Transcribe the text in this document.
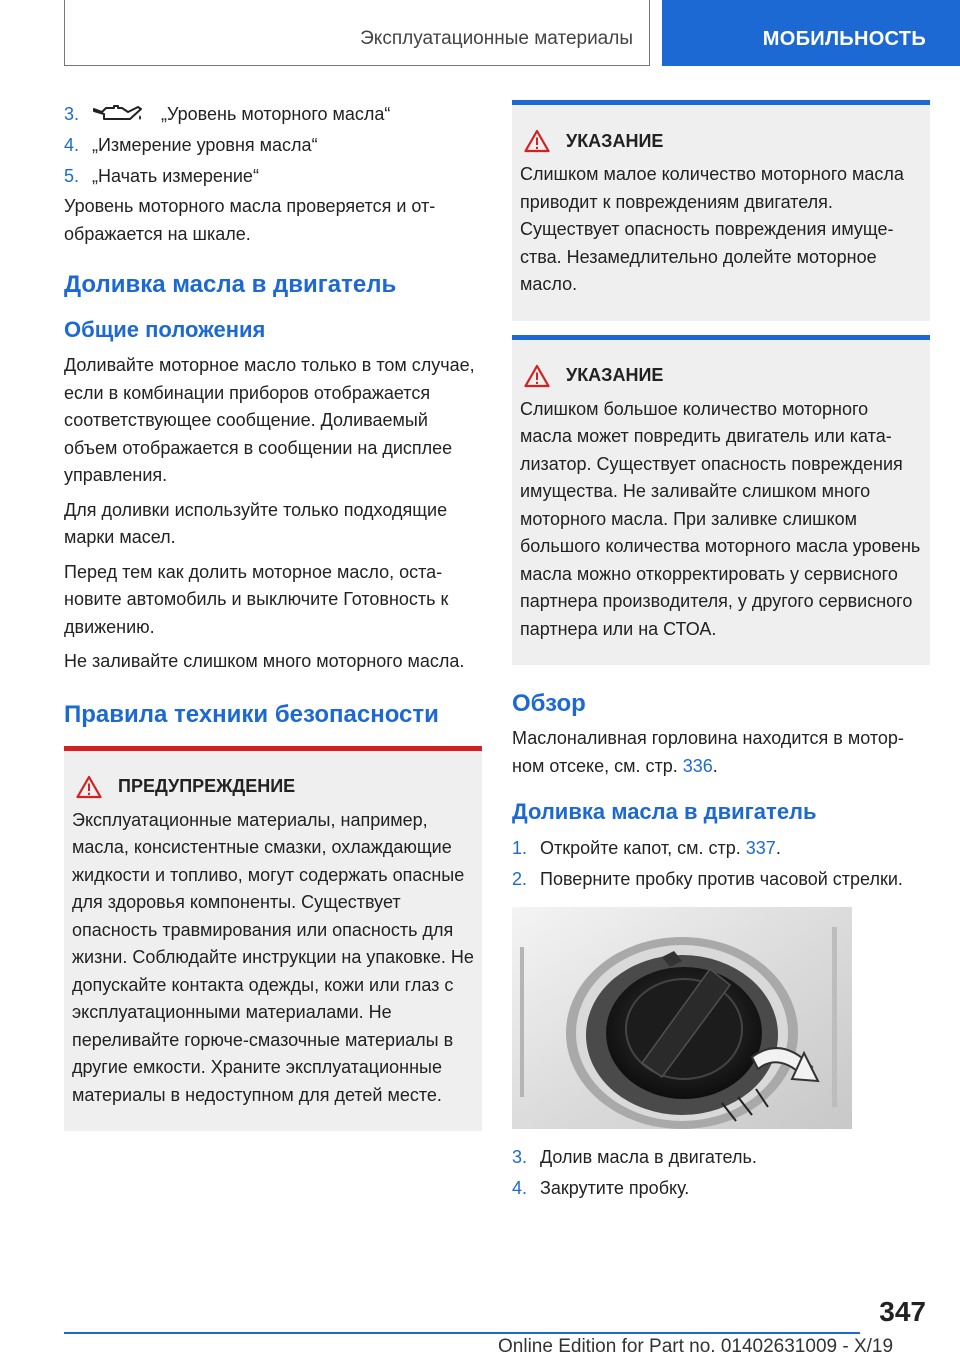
Эксплуатационные материалы	МОБИЛЬНОСТЬ
3.	„Уровень моторного масла“
4. „Измерение уровня масла“
5. „Начать измерение“

Уровень моторного масла проверяется и отображается на шкале.

Доливка масла в двигатель
Общие положения

Доливайте моторное масло только в том случае, если в комбинации приборов отображается соответствующее сообщение. Доливаемый объем отображается в сообщении на дисплее управления.

Для доливки используйте только подходящие марки масел.

Перед тем как долить моторное масло, остановите автомобиль и выключите Готовность к движению.

Не заливайте слишком много моторного масла.

Правила техники безопасности
ПРЕДУПРЕЖДЕНИЕ

Эксплуатационные материалы, например, масла, консистентные смазки, охлаждающие жидкости и топливо, могут содержать опасные для здоровья компоненты. Существует опасность травмирования или опасность для жизни. Соблюдайте инструкции на упаковке. Не допускайте контакта одежды, кожи или глаз с эксплуатационными материалами. Не переливайте горюче-смазочные материалы в другие емкости. Храните эксплуатационные материалы в недоступном для детей месте.

УКАЗАНИЕ

Слишком малое количество моторного масла приводит к повреждениям двигателя. Существует опасность повреждения имущества. Незамедлительно долейте моторное масло.

УКАЗАНИЕ

Слишком большое количество моторного масла может повредить двигатель или катализатор. Существует опасность повреждения имущества. Не заливайте слишком много моторного масла. При заливке слишком большого количества моторного масла уровень масла можно откорректировать у сервисного партнера производителя, у другого сервисного партнера или на СТОА.

Обзор

Маслоналивная горловина находится в моторном отсеке, см. стр. 336.

Доливка масла в двигатель
1. Откройте капот, см. стр. 337.
2. Поверните пробку против часовой стрелки.
3. Долив масла в двигатель.
4. Закрутите пробку.
347
Online Edition for Part no. 01402631009 - X/19
